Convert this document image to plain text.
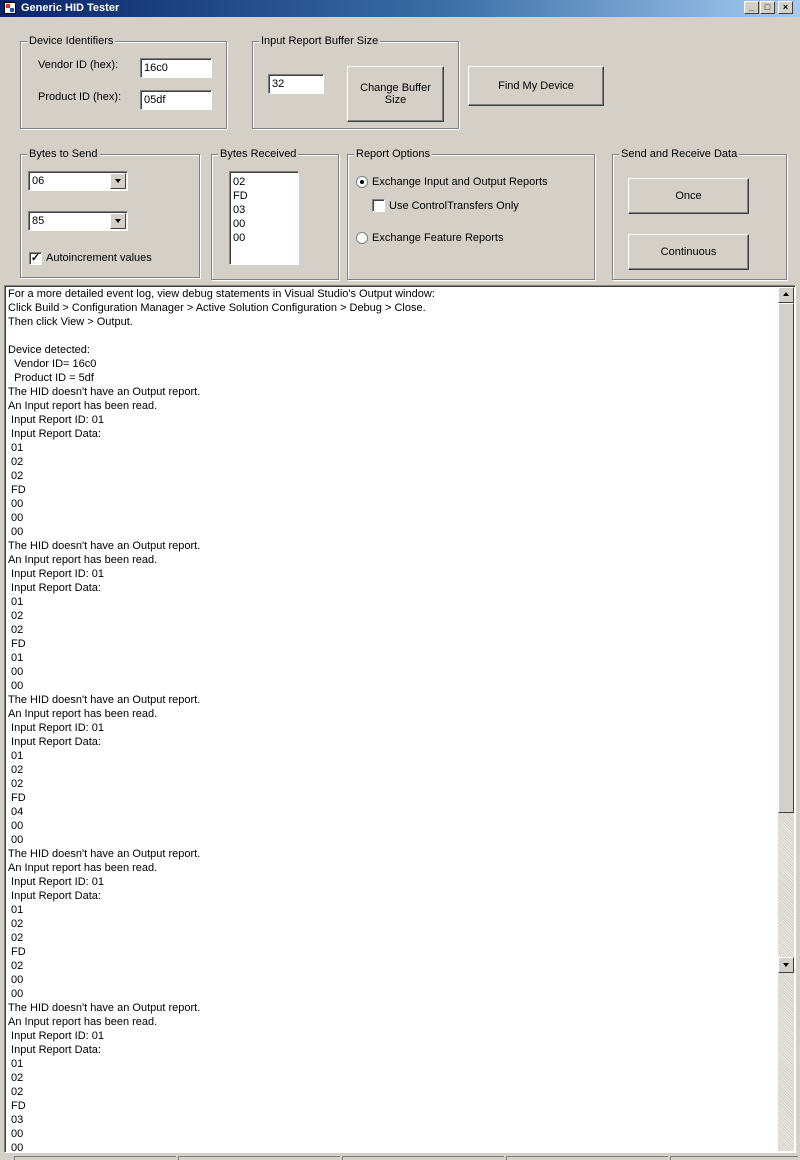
Generic HID Tester	_	□	×
Device Identifiers
Vendor ID (hex):	16c0
Product ID (hex):	05df
Input Report Buffer Size
32	Change Buffer Size
Find My Device
Bytes to Send
06
85
✓ Autoincrement values
Bytes Received
02
FD
03
00
00
Report Options
Exchange Input and Output Reports
Use ControlTransfers Only
Exchange Feature Reports
Send and Receive Data
Once
Continuous
For a more detailed event log, view debug statements in Visual Studio's Output window:
Click Build > Configuration Manager > Active Solution Configuration > Debug > Close.
Then click View > Output.
Device detected:
Vendor ID= 16c0
Product ID = 5df
The HID doesn't have an Output report.
An Input report has been read.
Input Report ID: 01
Input Report Data:
01
02
02
FD
00
00
00
The HID doesn't have an Output report.
An Input report has been read.
Input Report ID: 01
Input Report Data:
01
02
02
FD
01
00
00
The HID doesn't have an Output report.
An Input report has been read.
Input Report ID: 01
Input Report Data:
01
02
02
FD
04
00
00
The HID doesn't have an Output report.
An Input report has been read.
Input Report ID: 01
Input Report Data:
01
02
02
FD
02
00
00
The HID doesn't have an Output report.
An Input report has been read.
Input Report ID: 01
Input Report Data:
01
02
02
FD
03
00
00
